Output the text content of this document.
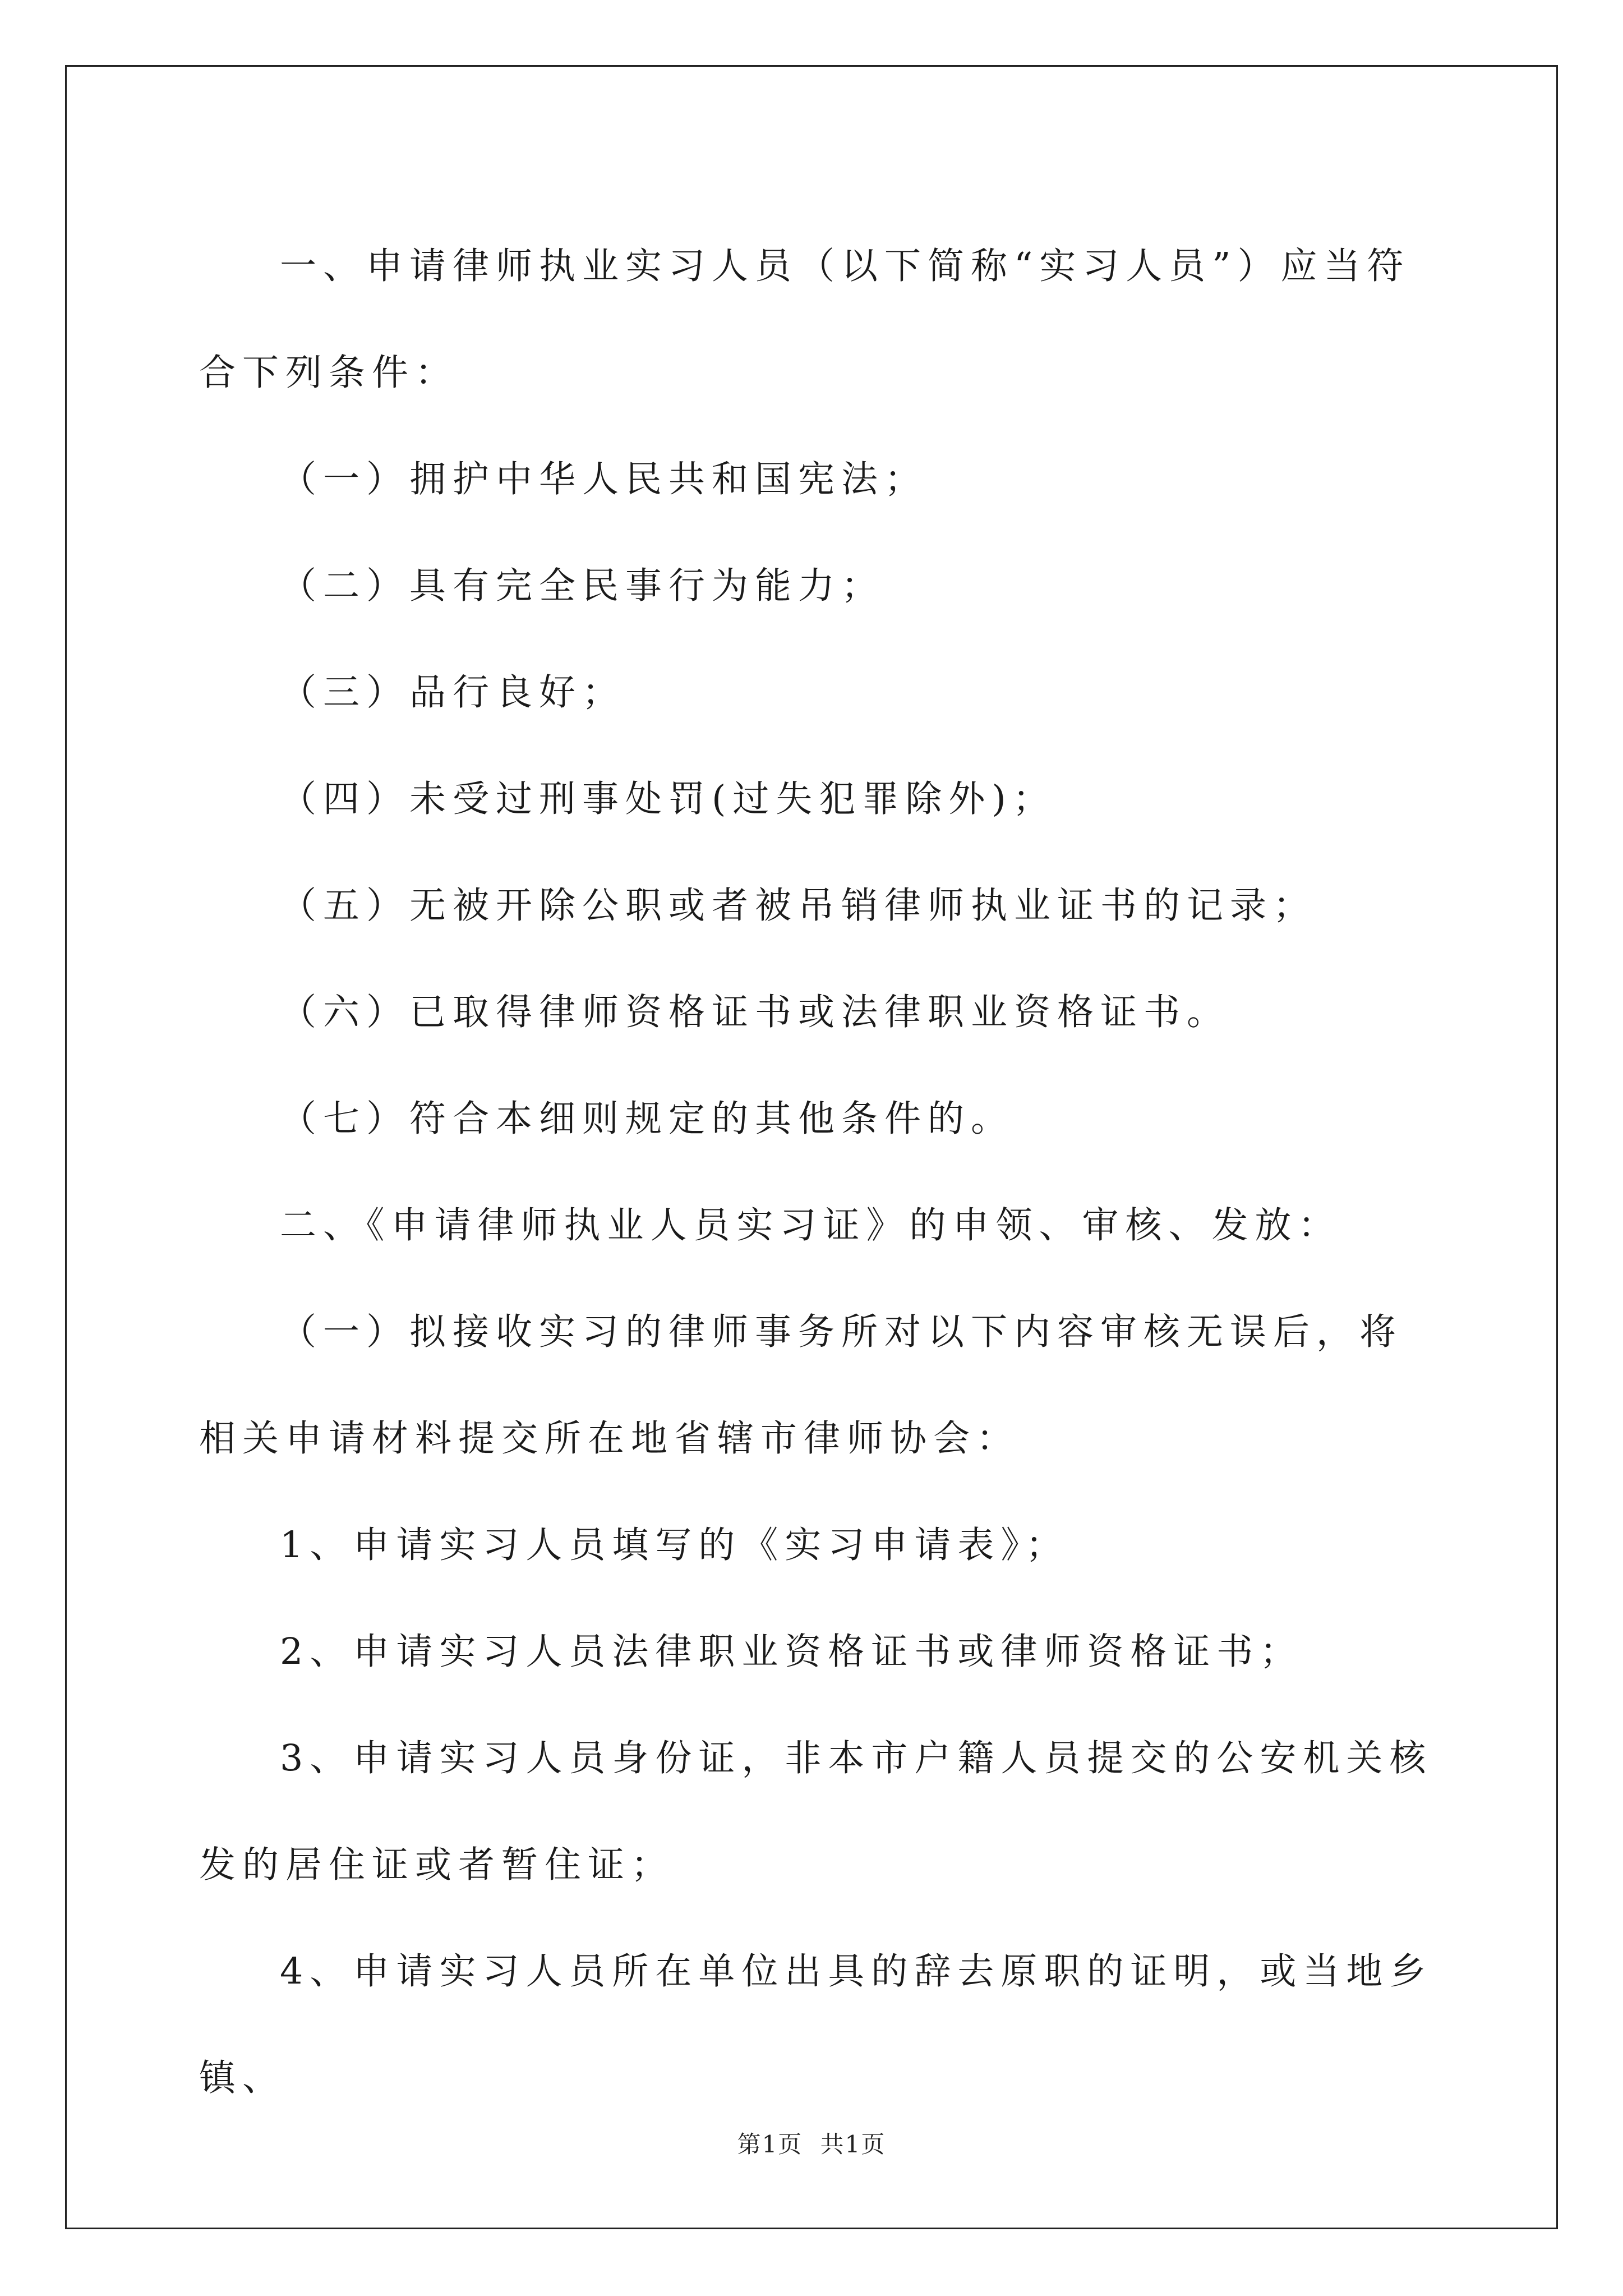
一、申请律师执业实习人员（以下简称“实习人员”）应当符合下列条件：

（一）拥护中华人民共和国宪法；

（二）具有完全民事行为能力；

（三）品行良好；

（四）未受过刑事处罚(过失犯罪除外)；

（五）无被开除公职或者被吊销律师执业证书的记录；

（六）已取得律师资格证书或法律职业资格证书。

（七）符合本细则规定的其他条件的。

二、《申请律师执业人员实习证》的申领、审核、发放：

（一）拟接收实习的律师事务所对以下内容审核无误后，将相关申请材料提交所在地省辖市律师协会：

1、申请实习人员填写的《实习申请表》；

2、申请实习人员法律职业资格证书或律师资格证书；

3、申请实习人员身份证，非本市户籍人员提交的公安机关核发的居住证或者暂住证；

4、申请实习人员所在单位出具的辞去原职的证明，或当地乡镇、

第1页 共1页
